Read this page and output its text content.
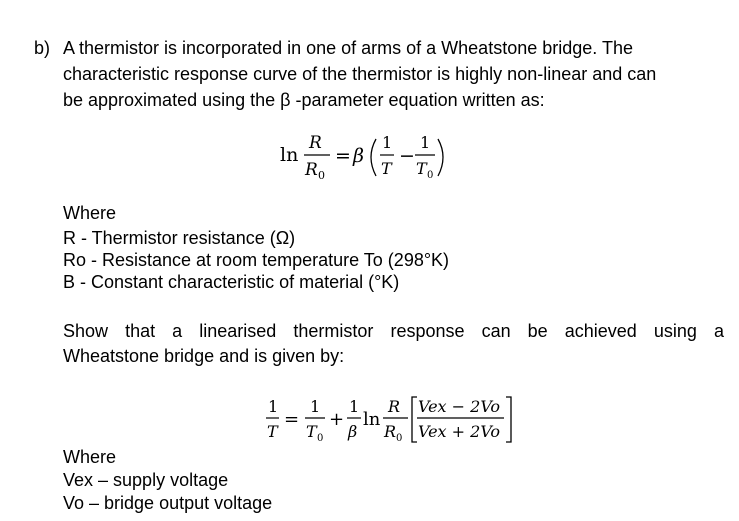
b) A thermistor is incorporated in one of arms of a Wheatstone bridge. The
characteristic response curve of the thermistor is highly non-linear and can
be approximated using the β -parameter equation written as:
ln
R
R 0
= β
1
T
−
1
T 0
Where
R - Thermistor resistance (Ω)
Ro - Resistance at room temperature To (298°K)
B - Constant characteristic of material (°K)
Show that a linearised thermistor response can be achieved using a
Wheatstone bridge and is given by:
1
T
=
1
T 0
+
1
β
ln
R
R 0
Vex − 2Vo
Vex + 2Vo
Where
Vex – supply voltage
Vo – bridge output voltage
